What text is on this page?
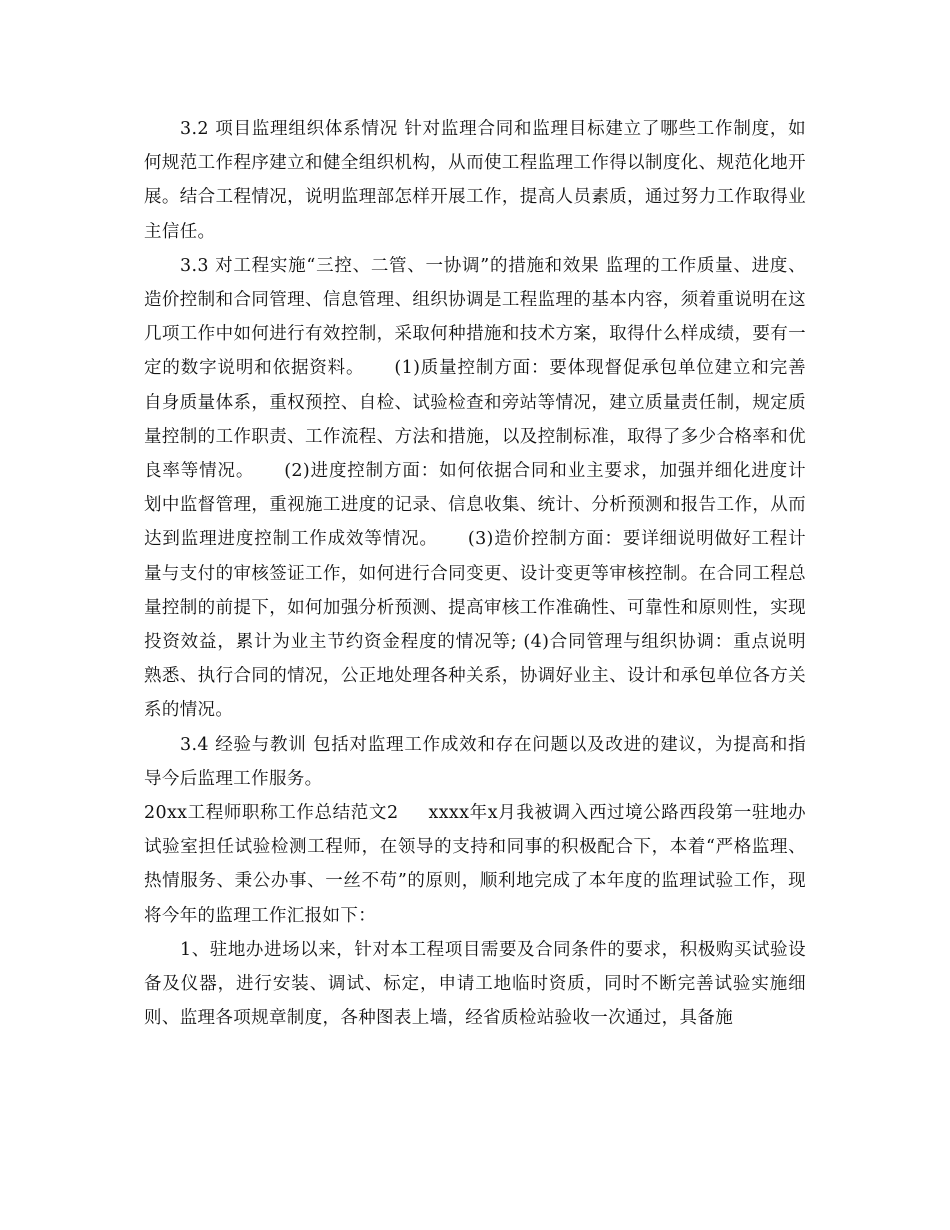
3.2 项目监理组织体系情况 针对监理合同和监理目标建立了哪些工作制度，如何规范工作程序建立和健全组织机构，从而使工程监理工作得以制度化、规范化地开展。结合工程情况，说明监理部怎样开展工作，提高人员素质，通过努力工作取得业主信任。

3.3 对工程实施“三控、二管、一协调”的措施和效果 监理的工作质量、进度、造价控制和合同管理、信息管理、组织协调是工程监理的基本内容，须着重说明在这几项工作中如何进行有效控制，采取何种措施和技术方案，取得什么样成绩，要有一定的数字说明和依据资料。 (1)质量控制方面：要体现督促承包单位建立和完善自身质量体系，重权预控、自检、试验检查和旁站等情况，建立质量责任制，规定质量控制的工作职责、工作流程、方法和措施，以及控制标准，取得了多少合格率和优良率等情况。 (2)进度控制方面：如何依据合同和业主要求，加强并细化进度计划中监督管理，重视施工进度的记录、信息收集、统计、分析预测和报告工作，从而达到监理进度控制工作成效等情况。 (3)造价控制方面：要详细说明做好工程计量与支付的审核签证工作，如何进行合同变更、设计变更等审核控制。在合同工程总量控制的前提下，如何加强分析预测、提高审核工作准确性、可靠性和原则性，实现投资效益，累计为业主节约资金程度的情况等; (4)合同管理与组织协调：重点说明熟悉、执行合同的情况，公正地处理各种关系，协调好业主、设计和承包单位各方关系的情况。

3.4 经验与教训 包括对监理工作成效和存在问题以及改进的建议，为提高和指导今后监理工作服务。

20xx工程师职称工作总结范文2 xxxx年x月我被调入西过境公路西段第一驻地办试验室担任试验检测工程师，在领导的支持和同事的积极配合下，本着“严格监理、热情服务、秉公办事、一丝不苟”的原则，顺利地完成了本年度的监理试验工作，现将今年的监理工作汇报如下：

1、驻地办进场以来，针对本工程项目需要及合同条件的要求，积极购买试验设备及仪器，进行安装、调试、标定，申请工地临时资质，同时不断完善试验实施细则、监理各项规章制度，各种图表上墙，经省质检站验收一次通过，具备施
